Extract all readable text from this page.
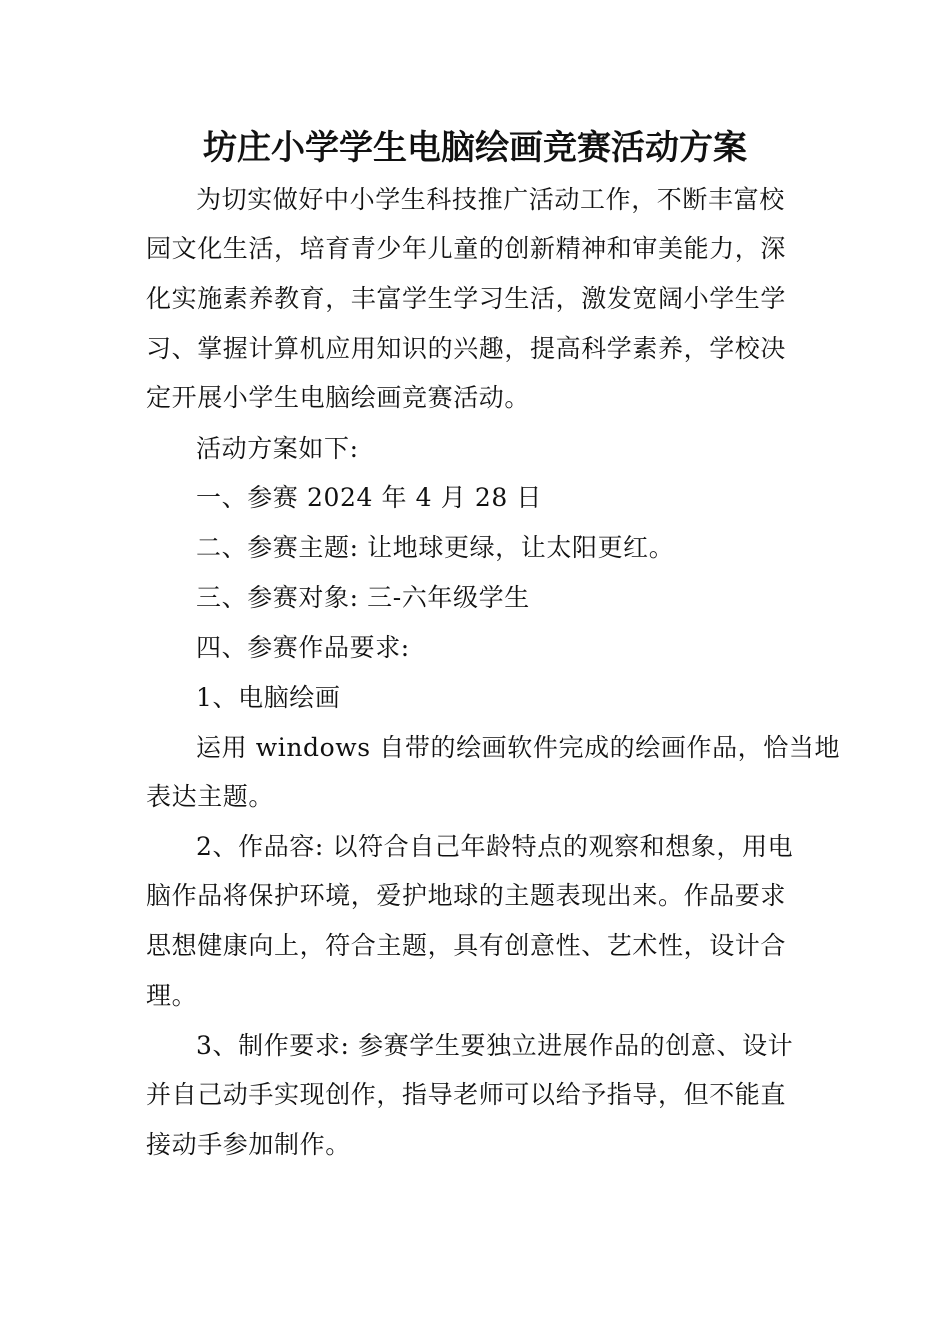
坊庄小学学生电脑绘画竞赛活动方案
为切实做好中小学生科技推广活动工作，不断丰富校
园文化生活，培育青少年儿童的创新精神和审美能力，深
化实施素养教育，丰富学生学习生活，激发宽阔小学生学
习、掌握计算机应用知识的兴趣，提高科学素养，学校决
定开展小学生电脑绘画竞赛活动。
活动方案如下:
一、参赛 2024 年 4 月 28 日
二、参赛主题: 让地球更绿，让太阳更红。
三、参赛对象: 三-六年级学生
四、参赛作品要求:
1、电脑绘画
运用 windows 自带的绘画软件完成的绘画作品，恰当地
表达主题。
2、作品容: 以符合自己年龄特点的观察和想象，用电
脑作品将保护环境，爱护地球的主题表现出来。作品要求
思想健康向上，符合主题，具有创意性、艺术性，设计合
理。
3、制作要求: 参赛学生要独立进展作品的创意、设计
并自己动手实现创作，指导老师可以给予指导，但不能直
接动手参加制作。
